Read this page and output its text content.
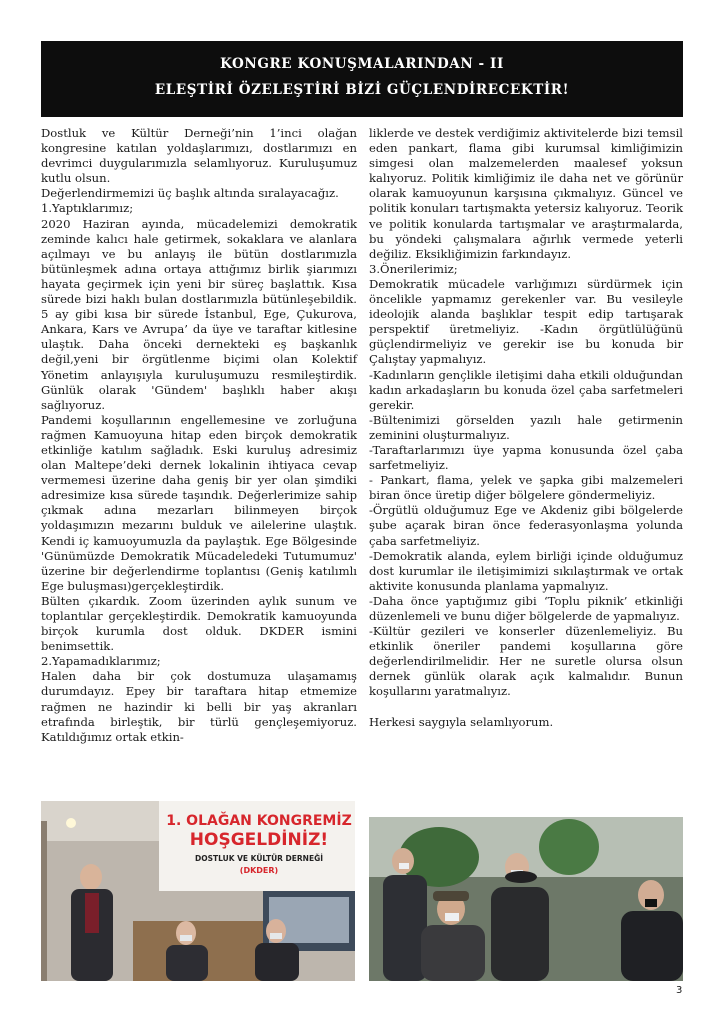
KONGRE KONUŞMALARINDAN - II
ELEŞTİRİ ÖZELEŞTİRİ BİZİ GÜÇLENDİRECEKTİR!

Dostluk ve Kültür Derneği’nin 1’inci olağan kongresine katılan yoldaşlarımızı, dostlarımızı en devrimci duygularımızla selamlıyoruz. Kuruluşumuz kutlu olsun.

Değerlendirmemizi üç başlık altında sıralayacağız.

1.Yaptıklarımız;

2020 Haziran ayında, mücadelemizi demokratik zeminde kalıcı hale getirmek, sokaklara ve alanlara açılmayı ve bu anlayış ile bütün dostlarımızla bütünleşmek adına ortaya attığımız birlik şiarımızı hayata geçirmek için yeni bir süreç başlattık. Kısa sürede bizi haklı bulan dostlarımızla bütünleşebildik. 5 ay gibi kısa bir sürede İstanbul, Ege, Çukurova, Ankara, Kars ve Avrupa’ da üye ve taraftar kitlesine ulaştık. Daha önceki dernekteki eş başkanlık değil,yeni bir örgütlenme biçimi olan Kolektif Yönetim anlayışıyla kuruluşumuzu resmileştirdik. Günlük olarak 'Gündem' başlıklı haber akışı sağlıyoruz.

Pandemi koşullarının engellemesine ve zorluğuna rağmen Kamuoyuna hitap eden birçok demokratik etkinliğe katılım sağladık. Eski kuruluş adresimiz olan Maltepe’deki dernek lokalinin ihtiyaca cevap vermemesi üzerine daha geniş bir yer olan şimdiki adresimize kısa sürede taşındık. Değerlerimize sahip çıkmak adına mezarları bilinmeyen birçok yoldaşımızın mezarını bulduk ve ailelerine ulaştık. Kendi iç kamuoyumuzla da paylaştık. Ege Bölgesinde 'Günümüzde Demokratik Mücadeledeki Tutumumuz' üzerine bir değerlendirme toplantısı (Geniş katılımlı Ege buluşması)gerçekleştirdik.

Bülten çıkardık. Zoom üzerinden aylık sunum ve toplantılar gerçekleştirdik. Demokratik kamuoyunda birçok kurumla dost olduk. DKDER ismini benimsettik.

2.Yapamadıklarımız;

Halen daha bir çok dostumuza ulaşamamış durumdayız. Epey bir taraftara hitap etmemize rağmen ne hazindir ki belli bir yaş akranları etrafında birleştik, bir türlü gençleşemiyoruz. Katıldığımız ortak etkin-

liklerde ve destek verdiğimiz aktivitelerde bizi temsil eden pankart, flama gibi kurumsal kimliğimizin simgesi olan malzemelerden maalesef yoksun kalıyoruz. Politik kimliğimiz ile daha net ve görünür olarak kamuoyunun karşısına çıkmalıyız. Güncel ve politik konuları tartışmakta yetersiz kalıyoruz. Teorik ve politik konularda tartışmalar ve araştırmalarda, bu yöndeki çalışmalara ağırlık vermede yeterli değiliz. Eksikliğimizin farkındayız.

3.Önerilerimiz;

Demokratik mücadele varlığımızı sürdürmek için öncelikle yapmamız gerekenler var. Bu vesileyle ideolojik alanda başlıklar tespit edip tartışarak perspektif üretmeliyiz. -Kadın örgütlülüğünü güçlendirmeliyiz ve gerekir ise bu konuda bir Çalıştay yapmalıyız.

-Kadınların gençlikle iletişimi daha etkili olduğundan kadın arkadaşların bu konuda özel çaba sarfetmeleri gerekir.

-Bültenimizi görselden yazılı hale getirmenin zeminini oluşturmalıyız.

-Taraftarlarımızı üye yapma konusunda özel çaba sarfetmeliyiz.

- Pankart, flama, yelek ve şapka gibi malzemeleri biran önce üretip diğer bölgelere göndermeliyiz.

-Örgütlü olduğumuz Ege ve Akdeniz gibi bölgelerde şube açarak biran önce federasyonlaşma yolunda çaba sarfetmeliyiz.

-Demokratik alanda, eylem birliği içinde olduğumuz dost kurumlar ile iletişimimizi sıkılaştırmak ve ortak aktivite konusunda planlama yapmalıyız.

-Daha önce yaptığımız gibi ‘Toplu piknik’ etkinliği düzenlemeli ve bunu diğer bölgelerde de yapmalıyız.

-Kültür gezileri ve konserler düzenlemeliyiz. Bu etkinlik öneriler pandemi koşullarına göre değerlendirilmelidir. Her ne suretle olursa olsun dernek günlük olarak açık kalmalıdır. Bunun koşullarını yaratmalıyız.

Herkesi saygıyla selamlıyorum.

1. OLAĞAN KONGREMİZ
HOŞGELDİNİZ!
DOSTLUK VE KÜLTÜR DERNEĞİ
(DKDER)
3
